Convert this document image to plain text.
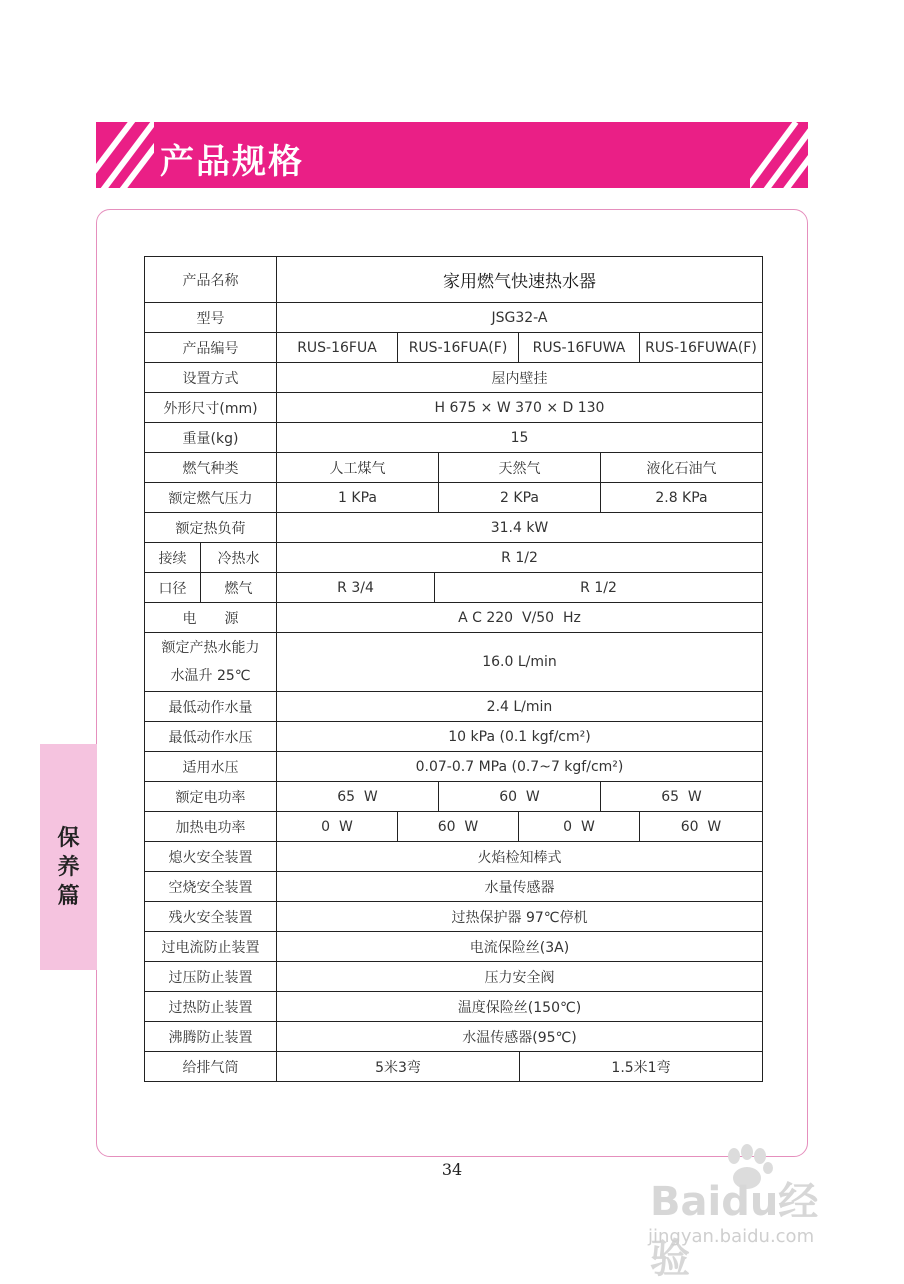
产品规格
保养篇
产品名称		家用燃气快速热水器			
型号		JSG32-A			
产品编号		RUS-16FUA	RUS-16FUA(F)	RUS-16FUWA	RUS-16FUWA(F)
设置方式		屋内壁挂			
外形尺寸(mm)		H 675 × W 370 × D 130			
重量(kg)		15			
燃气种类		人工煤气 天然气 液化石油气			

额定燃气压力		1 KPa 2 KPa 2.8 KPa			

额定热负荷		31.4 kW			
接续	冷热水	R 1/2			
口径	燃气	R 3/4 R 1/2			

电　　源		A C 220  V/50  Hz			

额定产热水能力
水温升 25℃		16.0 L/min			
最低动作水量		2.4 L/min			
最低动作水压		10 kPa (0.1 kgf/cm²)			
适用水压		0.07-0.7 MPa (0.7~7 kgf/cm²)			
额定电功率		65  W 60  W 65  W			

加热电功率		0  W	60  W	0  W	60  W
熄火安全装置		火焰检知棒式			
空烧安全装置		水量传感器			
残火安全装置		过热保护器 97℃停机			
过电流防止装置		电流保险丝(3A)			
过压防止装置		压力安全阀			
过热防止装置		温度保险丝(150℃)			
沸腾防止装置		水温传感器(95℃)			
给排气筒		5米3弯 1.5米1弯			
34
Baidu经验
jingyan.baidu.com
